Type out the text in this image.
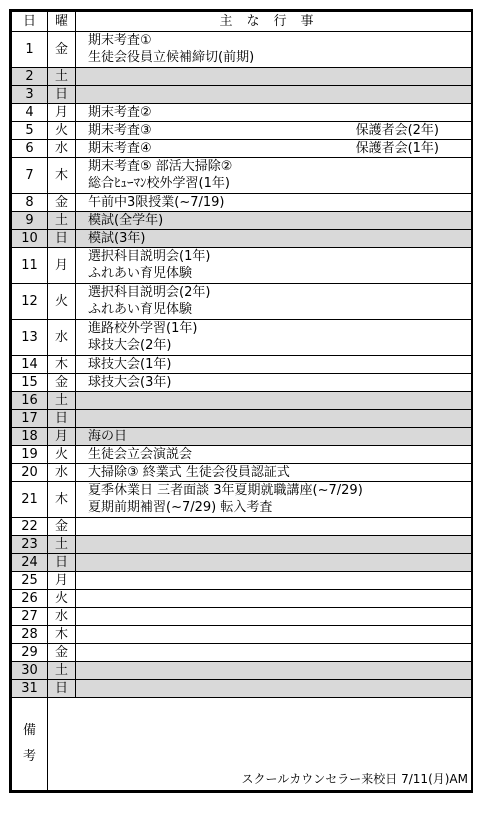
日	曜	主な行事
1	金	期末考査①
生徒会役員立候補締切(前期)

2	土	

3	日	

4	月	期末考査②

5	火	期末考査③ 保護者会(2年)

6	水	期末考査④ 保護者会(1年)

7	木	期末考査⑤ 部活大掃除②
総合ﾋｭｰﾏﾝ校外学習(1年)

8	金	午前中3限授業(~7/19)

9	土	模試(全学年)

10	日	模試(3年)

11	月	選択科目説明会(1年)
ふれあい育児体験

12	火	選択科目説明会(2年)
ふれあい育児体験

13	水	進路校外学習(1年)
球技大会(2年)

14	木	球技大会(1年)

15	金	球技大会(3年)

16	土	

17	日	

18	月	海の日

19	火	生徒会立会演説会

20	水	大掃除③ 終業式 生徒会役員認証式

21	木	夏季休業日 三者面談 3年夏期就職講座(~7/29)
夏期前期補習(~7/29) 転入考査

22	金	

23	土	

24	日	

25	月	

26	火	

27	水	

28	木	

29	金	

30	土	

31	日	

備
考	スクールカウンセラー来校日 7/11(月)AM	
